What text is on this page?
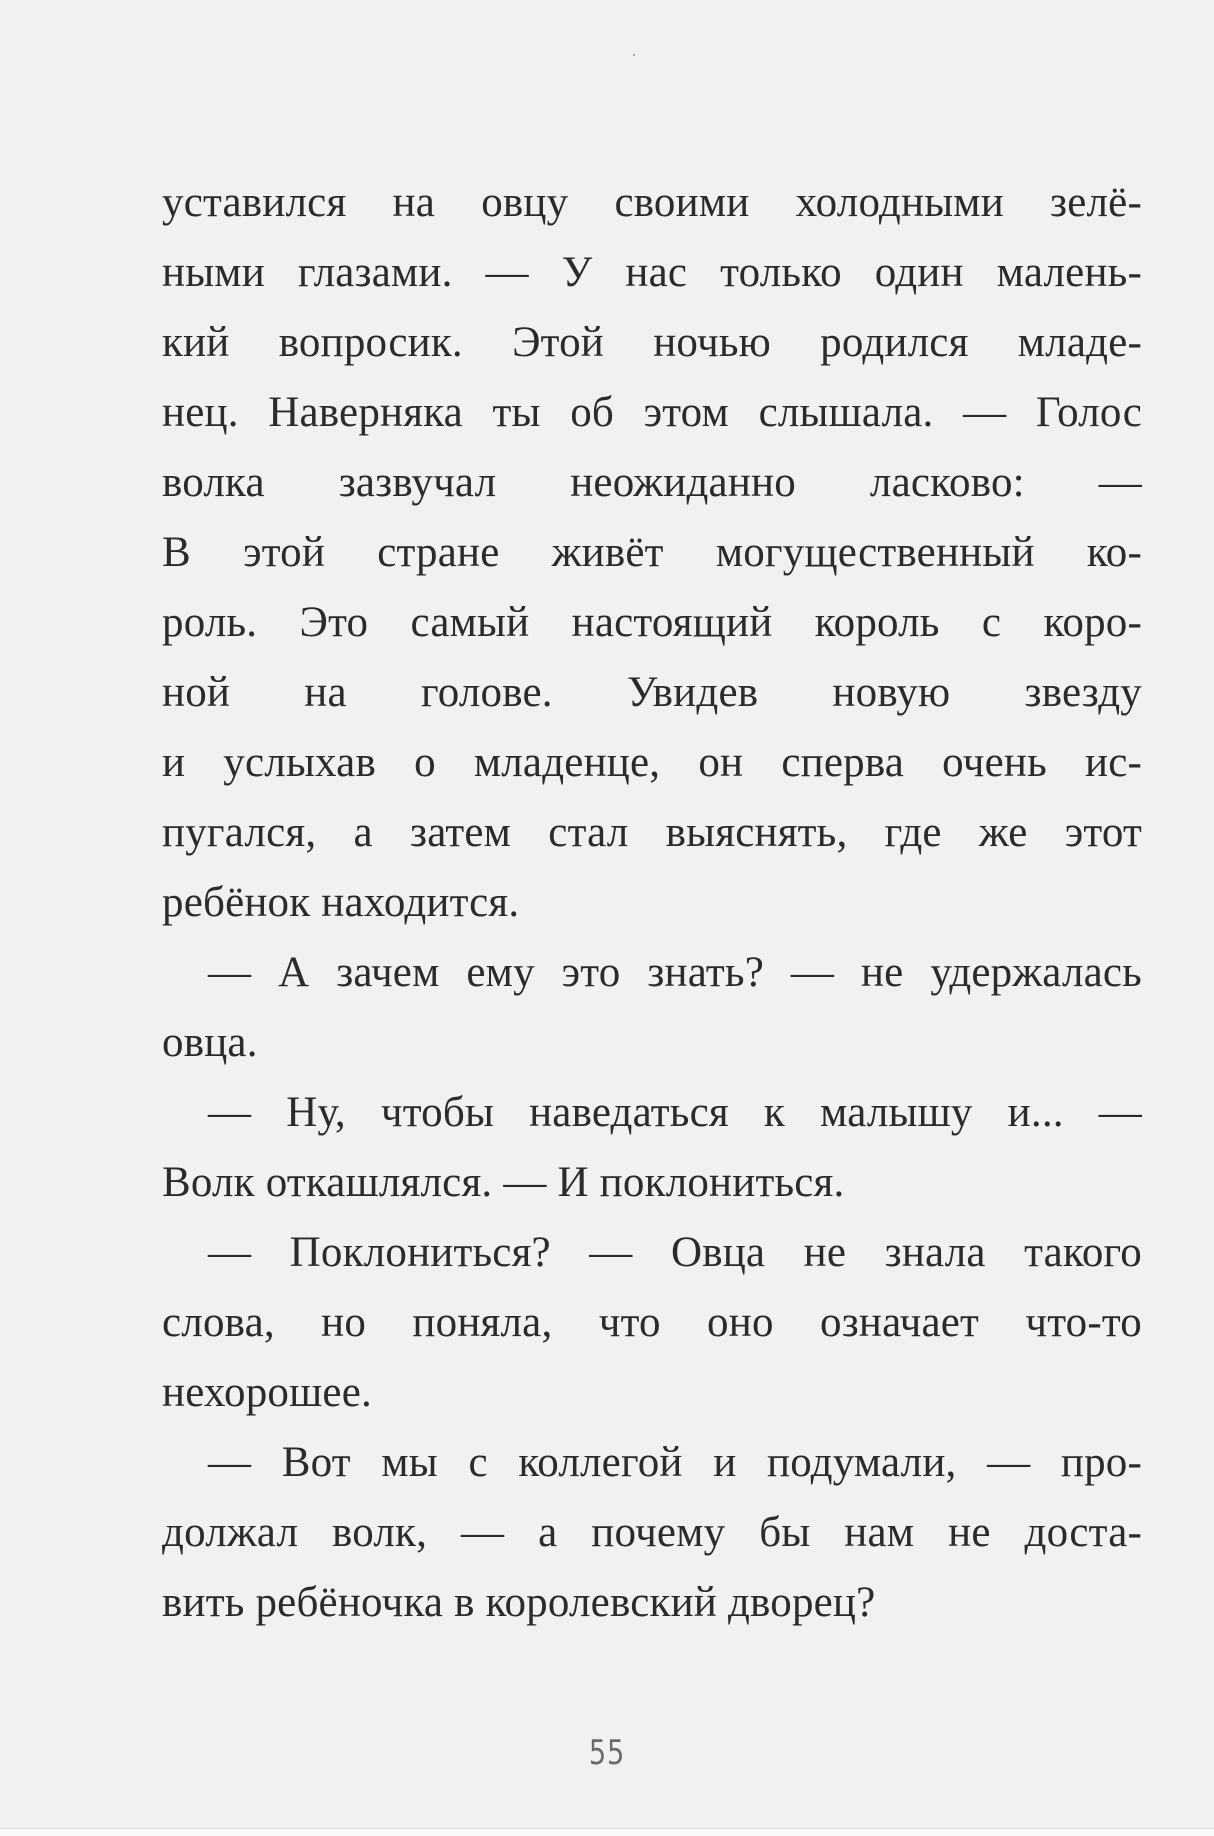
уставился на овцу своими холодными зелё-
ными глазами. — У нас только один малень-
кий вопросик. Этой ночью родился младе-
нец. Наверняка ты об этом слышала. — Голос
волка зазвучал неожиданно ласково: —
В этой стране живёт могущественный ко-
роль. Это самый настоящий король с коро-
ной на голове. Увидев новую звезду
и услыхав о младенце, он сперва очень ис-
пугался, а затем стал выяснять, где же этот
ребёнок находится.
— А зачем ему это знать? — не удержалась
овца.
— Ну, чтобы наведаться к малышу и... —
Волк откашлялся. — И поклониться.
— Поклониться? — Овца не знала такого
слова, но поняла, что оно означает что-то
нехорошее.
— Вот мы с коллегой и подумали, — про-
должал волк, — а почему бы нам не доста-
вить ребёночка в королевский дворец?
55
